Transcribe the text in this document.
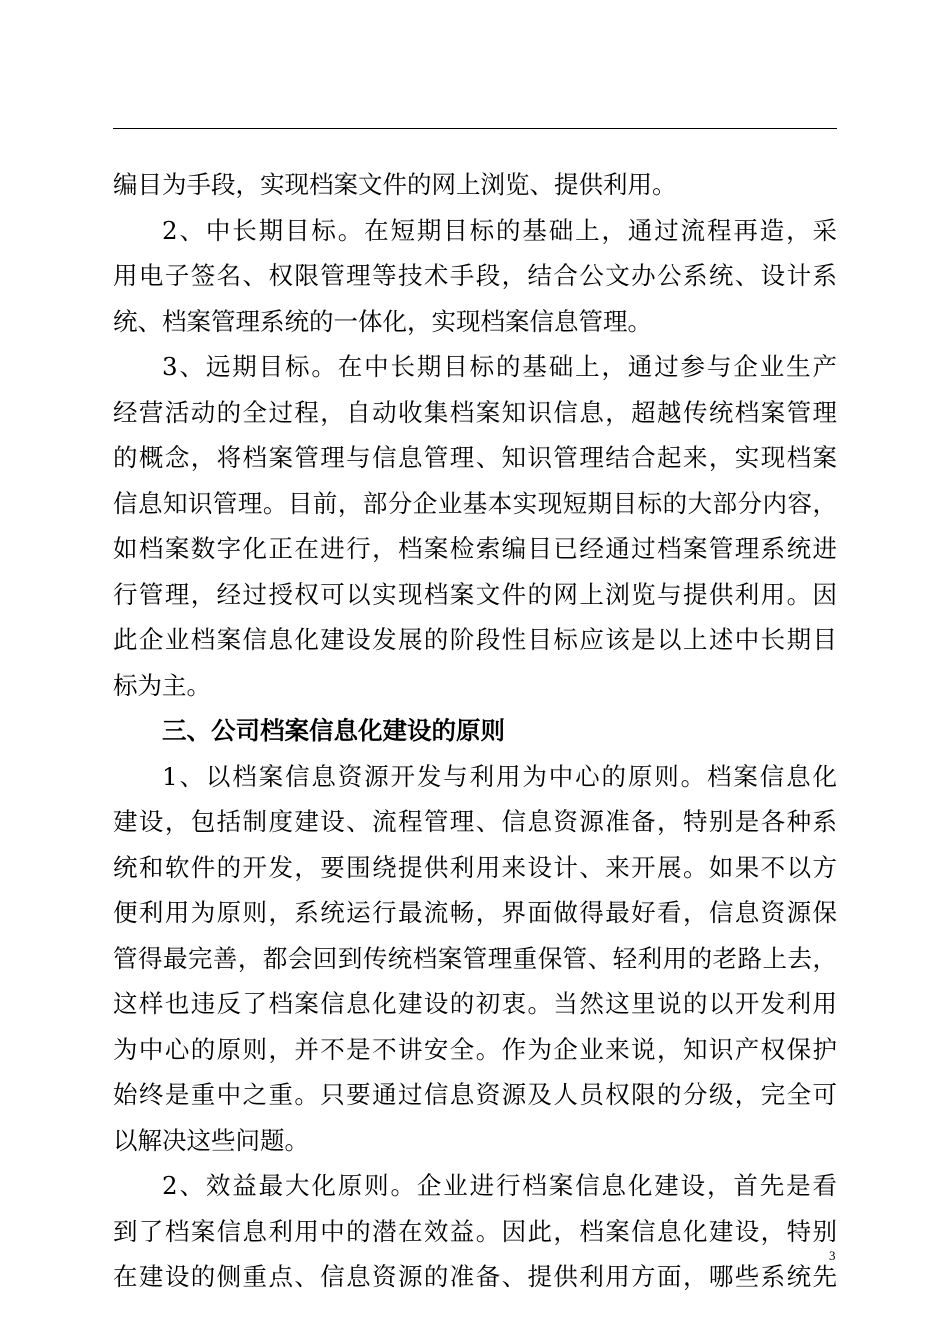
编目为手段，实现档案文件的网上浏览、提供利用。
2、中长期目标。在短期目标的基础上，通过流程再造，采
用电子签名、权限管理等技术手段，结合公文办公系统、设计系
统、档案管理系统的一体化，实现档案信息管理。
3、远期目标。在中长期目标的基础上，通过参与企业生产
经营活动的全过程，自动收集档案知识信息，超越传统档案管理
的概念，将档案管理与信息管理、知识管理结合起来，实现档案
信息知识管理。目前，部分企业基本实现短期目标的大部分内容，
如档案数字化正在进行，档案检索编目已经通过档案管理系统进
行管理，经过授权可以实现档案文件的网上浏览与提供利用。因
此企业档案信息化建设发展的阶段性目标应该是以上述中长期目
标为主。
三、公司档案信息化建设的原则
1、以档案信息资源开发与利用为中心的原则。档案信息化
建设，包括制度建设、流程管理、信息资源准备，特别是各种系
统和软件的开发，要围绕提供利用来设计、来开展。如果不以方
便利用为原则，系统运行最流畅，界面做得最好看，信息资源保
管得最完善，都会回到传统档案管理重保管、轻利用的老路上去，
这样也违反了档案信息化建设的初衷。当然这里说的以开发利用
为中心的原则，并不是不讲安全。作为企业来说，知识产权保护
始终是重中之重。只要通过信息资源及人员权限的分级，完全可
以解决这些问题。
2、效益最大化原则。企业进行档案信息化建设，首先是看
到了档案信息利用中的潜在效益。因此，档案信息化建设，特别
在建设的侧重点、信息资源的准备、提供利用方面，哪些系统先
3
